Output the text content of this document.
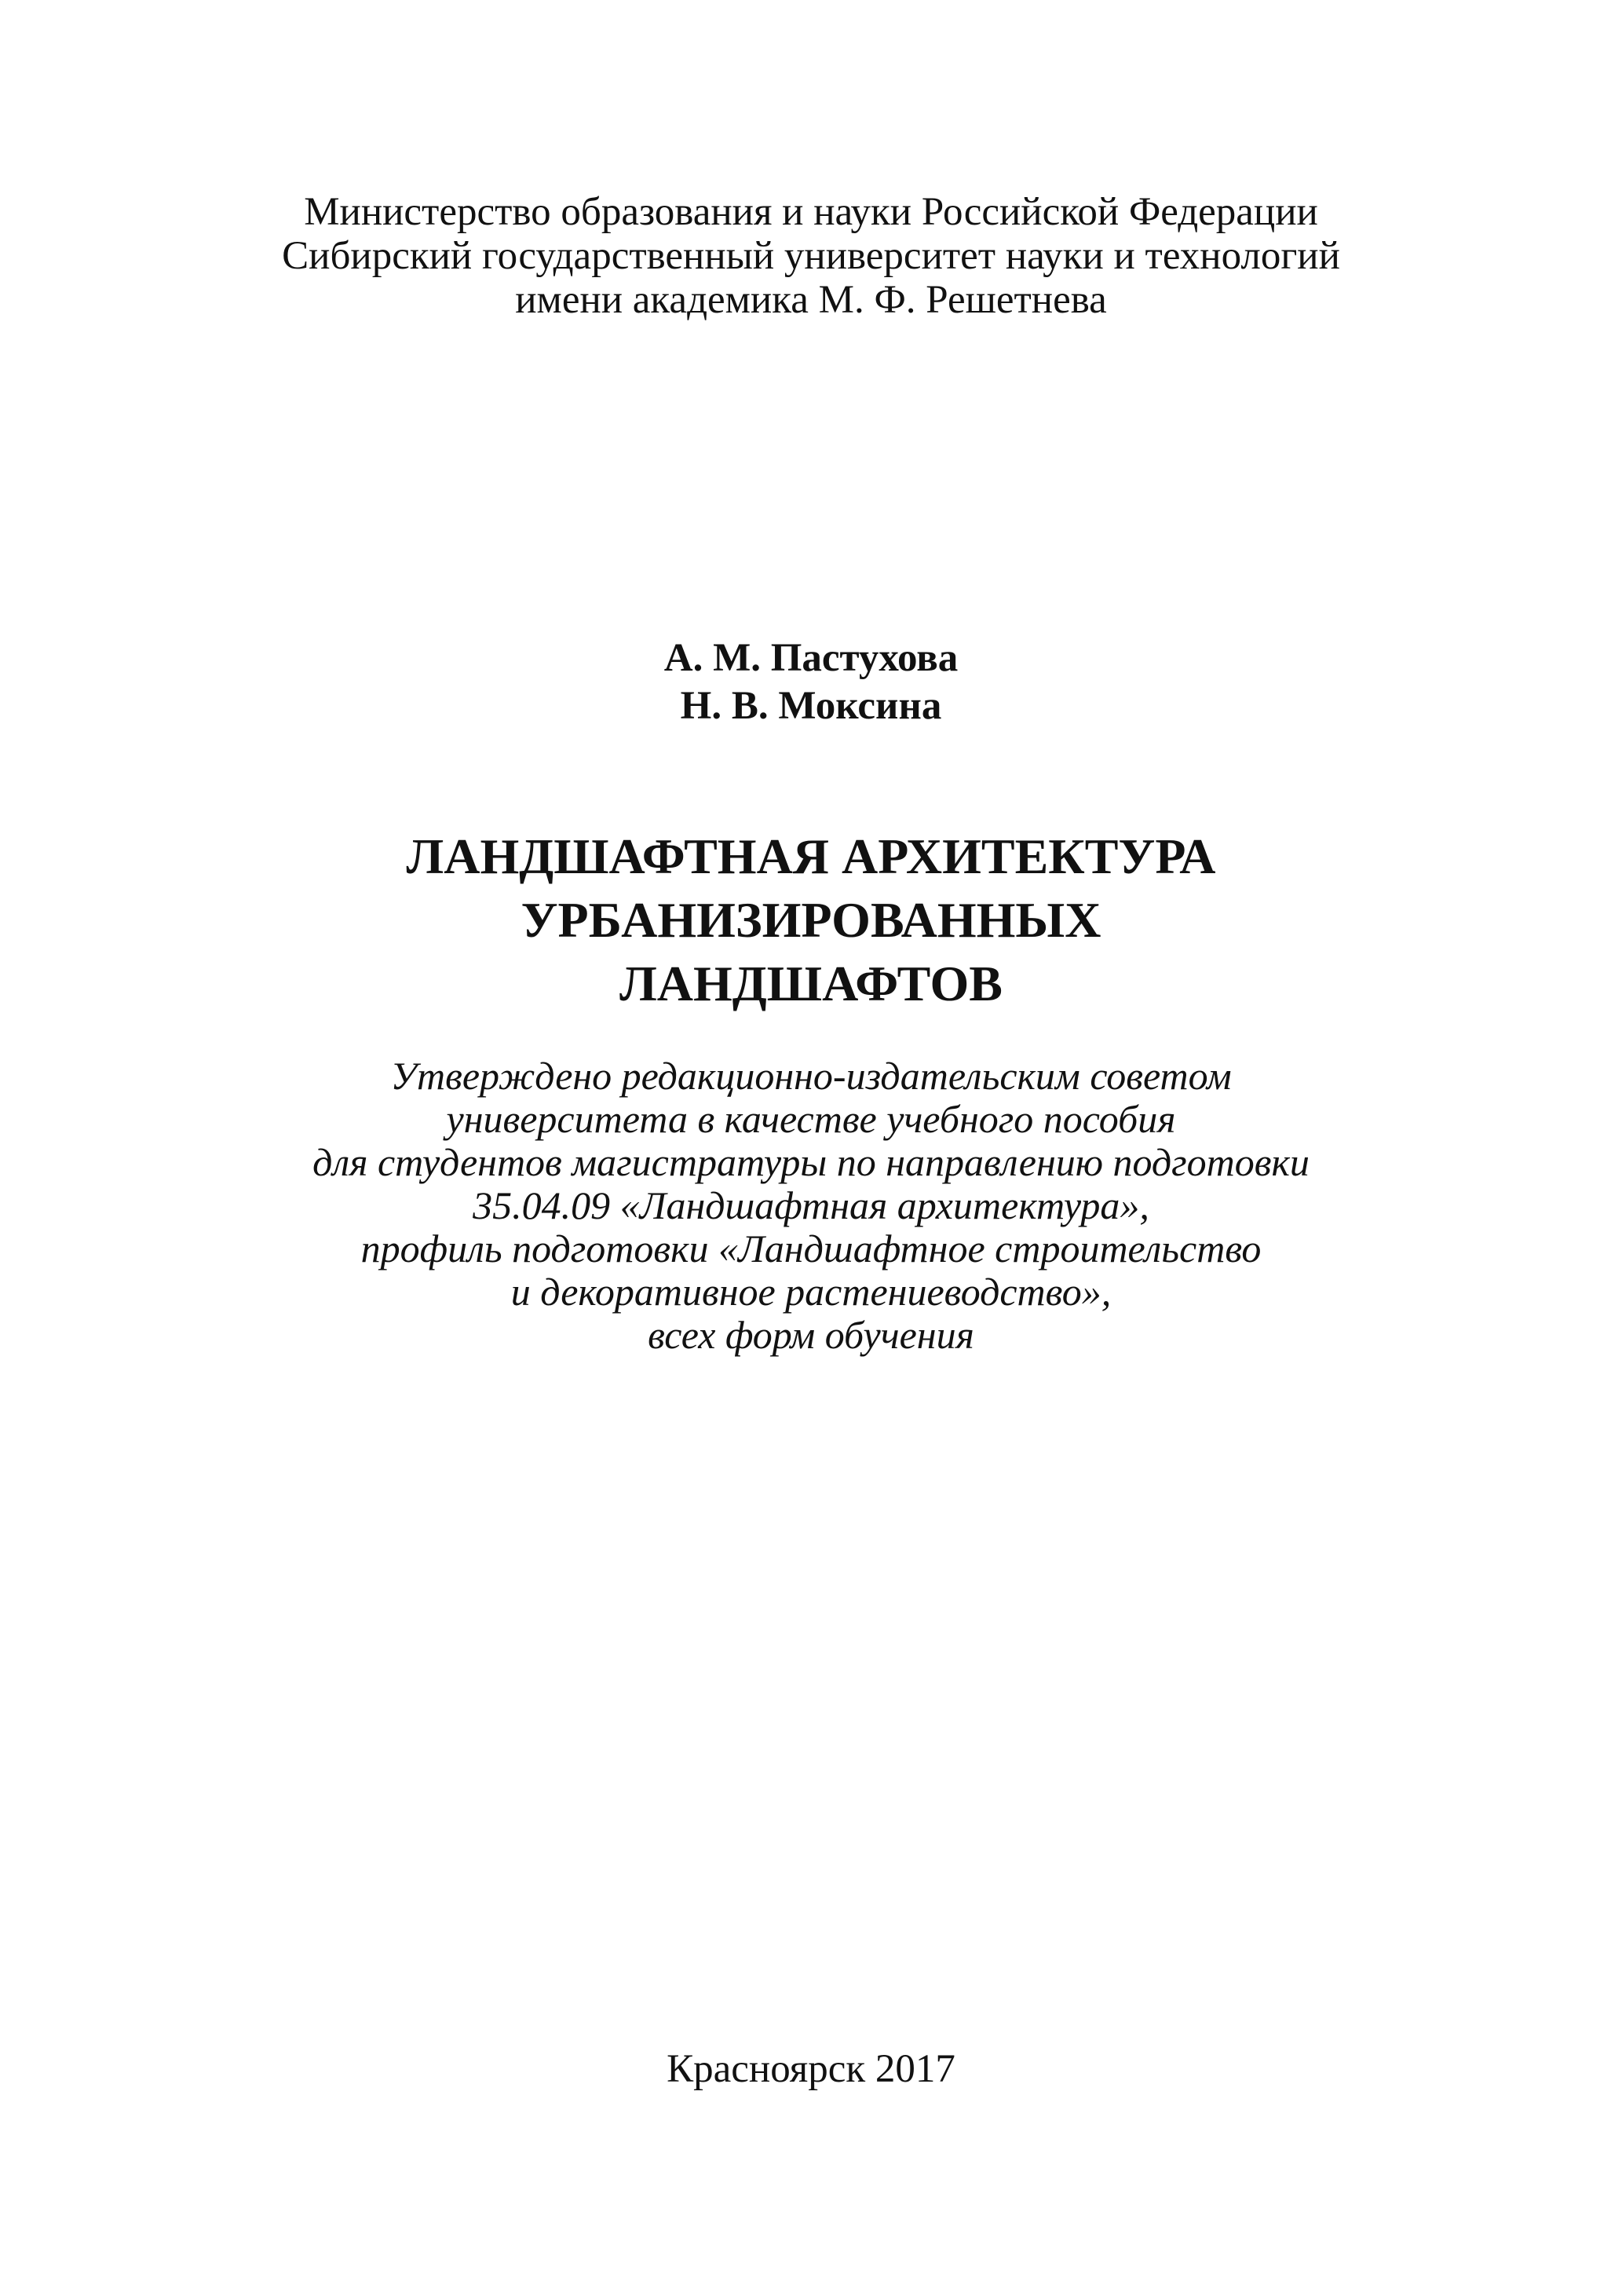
Министерство образования и науки Российской Федерации
Сибирский государственный университет науки и технологий
имени академика М. Ф. Решетнева
А. М. Пастухова
Н. В. Моксина
ЛАНДШАФТНАЯ АРХИТЕКТУРА
УРБАНИЗИРОВАННЫХ
ЛАНДШАФТОВ
Утверждено редакционно-издательским советом
университета в качестве учебного пособия
для студентов магистратуры по направлению подготовки
35.04.09 «Ландшафтная архитектура»,
профиль подготовки «Ландшафтное строительство
и декоративное растениеводство»,
всех форм обучения
Красноярск 2017
